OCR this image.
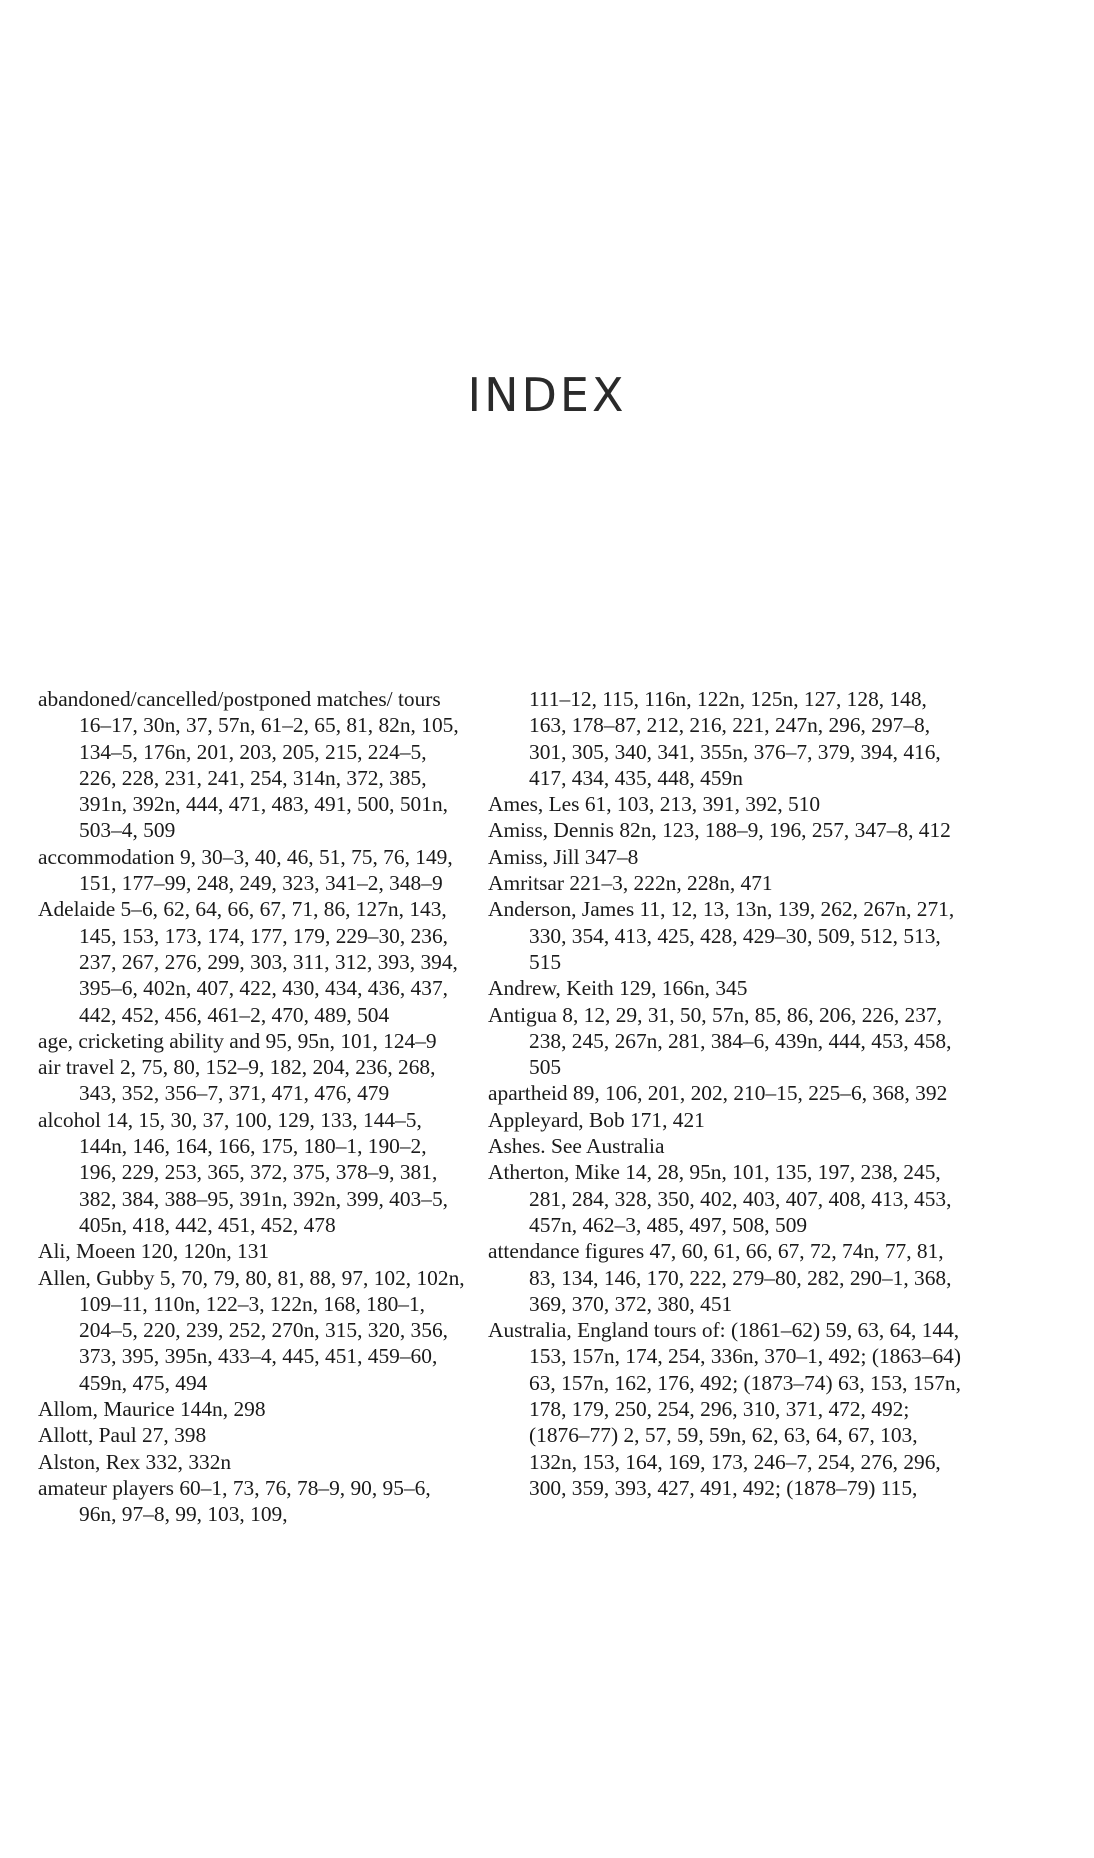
INDEX
abandoned/cancelled/postponed matches/ tours 16–17, 30n, 37, 57n, 61–2, 65, 81, 82n, 105, 134–5, 176n, 201, 203, 205, 215, 224–5, 226, 228, 231, 241, 254, 314n, 372, 385, 391n, 392n, 444, 471, 483, 491, 500, 501n, 503–4, 509
accommodation 9, 30–3, 40, 46, 51, 75, 76, 149, 151, 177–99, 248, 249, 323, 341–2, 348–9
Adelaide 5–6, 62, 64, 66, 67, 71, 86, 127n, 143, 145, 153, 173, 174, 177, 179, 229–30, 236, 237, 267, 276, 299, 303, 311, 312, 393, 394, 395–6, 402n, 407, 422, 430, 434, 436, 437, 442, 452, 456, 461–2, 470, 489, 504
age, cricketing ability and 95, 95n, 101, 124–9
air travel 2, 75, 80, 152–9, 182, 204, 236, 268, 343, 352, 356–7, 371, 471, 476, 479
alcohol 14, 15, 30, 37, 100, 129, 133, 144–5, 144n, 146, 164, 166, 175, 180–1, 190–2, 196, 229, 253, 365, 372, 375, 378–9, 381, 382, 384, 388–95, 391n, 392n, 399, 403–5, 405n, 418, 442, 451, 452, 478
Ali, Moeen 120, 120n, 131
Allen, Gubby 5, 70, 79, 80, 81, 88, 97, 102, 102n, 109–11, 110n, 122–3, 122n, 168, 180–1, 204–5, 220, 239, 252, 270n, 315, 320, 356, 373, 395, 395n, 433–4, 445, 451, 459–60, 459n, 475, 494
Allom, Maurice 144n, 298
Allott, Paul 27, 398
Alston, Rex 332, 332n
amateur players 60–1, 73, 76, 78–9, 90, 95–6, 96n, 97–8, 99, 103, 109,
111–12, 115, 116n, 122n, 125n, 127, 128, 148, 163, 178–87, 212, 216, 221, 247n, 296, 297–8, 301, 305, 340, 341, 355n, 376–7, 379, 394, 416, 417, 434, 435, 448, 459n
Ames, Les 61, 103, 213, 391, 392, 510
Amiss, Dennis 82n, 123, 188–9, 196, 257, 347–8, 412
Amiss, Jill 347–8
Amritsar 221–3, 222n, 228n, 471
Anderson, James 11, 12, 13, 13n, 139, 262, 267n, 271, 330, 354, 413, 425, 428, 429–30, 509, 512, 513, 515
Andrew, Keith 129, 166n, 345
Antigua 8, 12, 29, 31, 50, 57n, 85, 86, 206, 226, 237, 238, 245, 267n, 281, 384–6, 439n, 444, 453, 458, 505
apartheid 89, 106, 201, 202, 210–15, 225–6, 368, 392
Appleyard, Bob 171, 421
Ashes. See Australia
Atherton, Mike 14, 28, 95n, 101, 135, 197, 238, 245, 281, 284, 328, 350, 402, 403, 407, 408, 413, 453, 457n, 462–3, 485, 497, 508, 509
attendance figures 47, 60, 61, 66, 67, 72, 74n, 77, 81, 83, 134, 146, 170, 222, 279–80, 282, 290–1, 368, 369, 370, 372, 380, 451
Australia, England tours of: (1861–62) 59, 63, 64, 144, 153, 157n, 174, 254, 336n, 370–1, 492; (1863–64) 63, 157n, 162, 176, 492; (1873–74) 63, 153, 157n, 178, 179, 250, 254, 296, 310, 371, 472, 492; (1876–77) 2, 57, 59, 59n, 62, 63, 64, 67, 103, 132n, 153, 164, 169, 173, 246–7, 254, 276, 296, 300, 359, 393, 427, 491, 492; (1878–79) 115,
